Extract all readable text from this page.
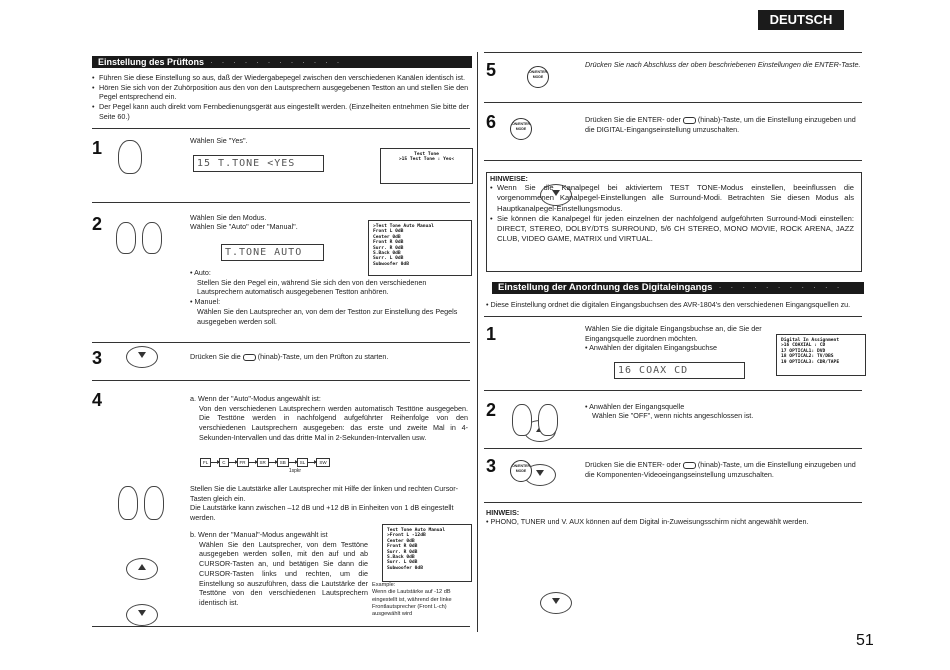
DEUTSCH
Einstellung des Prüftons · · · · · · · · · · · ·
• Führen Sie diese Einstellung so aus, daß der Wiedergabepegel zwischen den verschiedenen Kanälen identisch ist.
• Hören Sie sich von der Zuhörposition aus den von den Lautsprechern ausgegebenen Testton an und stellen Sie den Pegel entsprechend ein.
• Der Pegel kann auch direkt vom Fernbedienungsgerät aus eingestellt werden. (Einzelheiten entnehmen Sie bitte der Seite 60.)
1	Wählen Sie "Yes".
15 T.TONE <YES
Test Tone
>15 Test Tone : Yes<
2	Wählen Sie den Modus.
Wählen Sie "Auto" oder "Manual".
T.TONE AUTO
>Test Tone Auto Manual
Front L 0dB
Center 0dB
Front R 0dB
Surr. R 0dB
S.Back 0dB
Surr. L 0dB
Subwoofer 0dB
• Auto:
Stellen Sie den Pegel ein, während Sie sich den von den verschiedenen Lautsprechern automatisch ausgegebenen Testton anhören.
• Manuel:
Wählen Sie den Lautsprecher an, von dem der Testton zur Einstellung des Pegels ausgegeben werden soll.
3	Drücken Sie die (hinab)-Taste, um den Prüfton zu starten.
4	a. Wenn der "Auto"-Modus angewählt ist:
Von den verschiedenen Lautsprechern werden automatisch Testtöne ausgegeben. Die Testtöne werden in nachfolgend aufgeführter Reihenfolge von den verschiedenen Lautsprechern ausgegeben: das erste und zweite Mal in 4-Sekunden-Intervallen und das dritte Mal in 2-Sekunden-Intervallen usw.
FL	C	FR	SR	SB	SL	SW
1spkr
Stellen Sie die Lautstärke aller Lautsprecher mit Hilfe der linken und rechten Cursor-Tasten gleich ein.
Die Lautstärke kann zwischen –12 dB und +12 dB in Einheiten von 1 dB eingestellt werden.
b. Wenn der "Manual"-Modus angewählt ist
Wählen Sie den Lautsprecher, von dem Testtöne ausgegeben werden sollen, mit den auf und ab CURSOR-Tasten an, und betätigen Sie dann die CURSOR-Tasten links und rechten, um die Einstellung so auszuführen, dass die Lautstärke der Testtöne von den verschiedenen Lautsprechern identisch ist.
Test Tone Auto Manual
>Front L -12dB
Center 0dB
Front R 0dB
Surr. R 0dB
S.Back 0dB
Surr. L 0dB
Subwoofer 0dB
Example:
Wenn die Lautstärke auf -12 dB eingestellt ist, während der linke Frontlautsprecher (Front L-ch) ausgewählt wird
5	ON/ENTER MODE
Drücken Sie nach Abschluss der oben beschriebenen Einstellungen die ENTER-Taste.
6	ON/ENTER MODE
Drücken Sie die ENTER- oder (hinab)-Taste, um die Einstellung einzugeben und die DIGITAL-Eingangseinstellung umzuschalten.
HINWEISE:
• Wenn Sie die Kanalpegel bei aktiviertem TEST TONE-Modus einstellen, beeinflussen die vorgenommenen Kanalpegel-Einstellungen alle Surround-Modi. Betrachten Sie diesen Modus als Hauptkanalpegel-Einstellungsmodus.
• Sie können die Kanalpegel für jeden einzelnen der nachfolgend aufgeführten Surround-Modi einstellen: DIRECT, STEREO, DOLBY/DTS SURROUND, 5/6 CH STEREO, MONO MOVIE, ROCK ARENA, JAZZ CLUB, VIDEO GAME, MATRIX und VIRTUAL.
Einstellung der Anordnung des Digitaleingangs · · · · · · · · · · ·
• Diese Einstellung ordnet die digitalen Eingangsbuchsen des AVR-1804's den verschiedenen Eingangsquellen zu.
1	Wählen Sie die digitale Eingangsbuchse an, die Sie der Eingangsquelle zuordnen möchten.
• Anwählen der digitalen Eingangsbuchse
16 COAX CD
Digital In Assignment
>16 COAXIAL : CD
17 OPTICAL1: DVD
18 OPTICAL2: TV/DBS
19 OPTICAL3: CDR/TAPE
2	• Anwählen der Eingangsquelle
Wählen Sie "OFF", wenn nichts angeschlossen ist.
3	ON/ENTER MODE
Drücken Sie die ENTER- oder (hinab)-Taste, um die Einstellung einzugeben und die Komponenten-Videoeingangseinstellung umzuschalten.
HINWEIS:
• PHONO, TUNER und V. AUX können auf dem Digital in-Zuweisungsschirm nicht angewählt werden.
51
